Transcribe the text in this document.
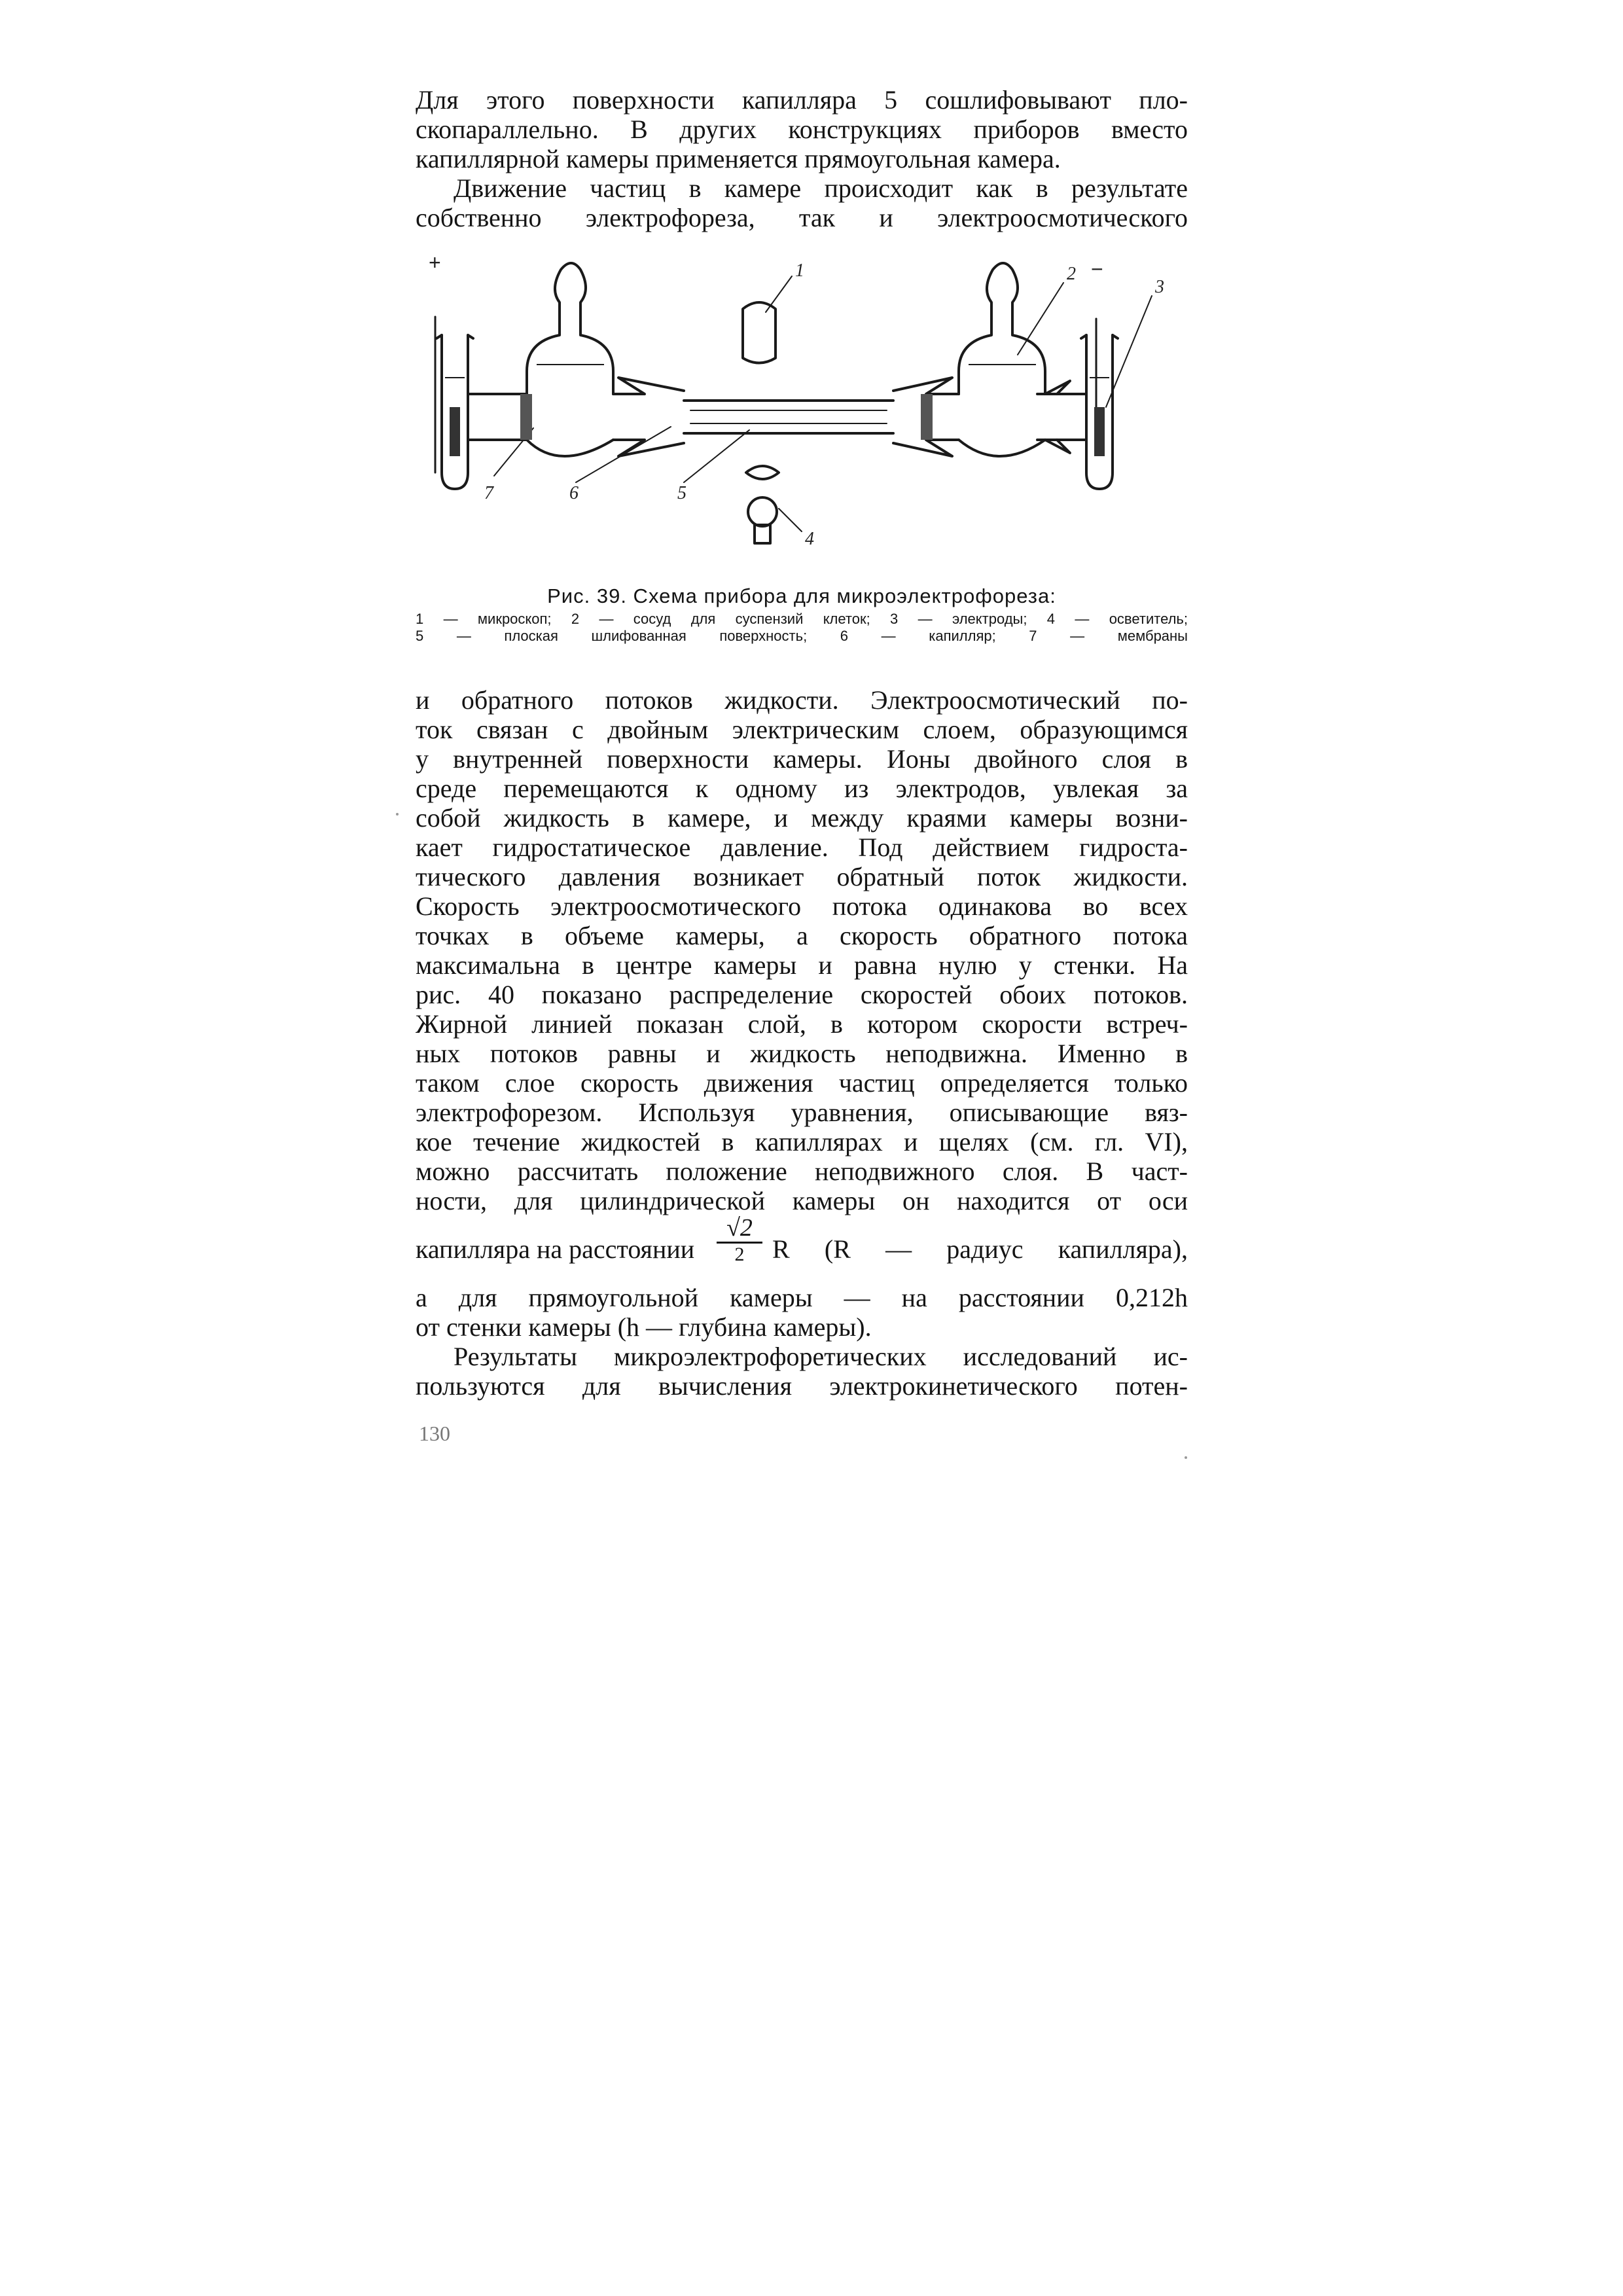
Для этого поверхности капилляра 5 сошлифовывают пло-

скопараллельно. В других конструкциях приборов вместо

капиллярной камеры применяется прямоугольная камера.

Движение частиц в камере происходит как в результате

собственно электрофореза, так и электроосмотического

1	2
3
4
5
6
7
+	−

Рис. 39. Схема прибора для микроэлектрофореза:

1 — микроскоп; 2 — сосуд для суспензий клеток; 3 — электроды; 4 — осветитель;

5 — плоская шлифованная поверхность; 6 — капилляр; 7 — мембраны

и обратного потоков жидкости. Электроосмотический по-

ток связан с двойным электрическим слоем, образующимся

у внутренней поверхности камеры. Ионы двойного слоя в

среде перемещаются к одному из электродов, увлекая за

собой жидкость в камере, и между краями камеры возни-

кает гидростатическое давление. Под действием гидроста-

тического давления возникает обратный поток жидкости.

Скорость электроосмотического потока одинакова во всех

точках в объеме камеры, а скорость обратного потока

максимальна в центре камеры и равна нулю у стенки. На

рис. 40 показано распределение скоростей обоих потоков.

Жирной линией показан слой, в котором скорости встреч-

ных потоков равны и жидкость неподвижна. Именно в

таком слое скорость движения частиц определяется только

электрофорезом. Используя уравнения, описывающие вяз-

кое течение жидкостей в капиллярах и щелях (см. гл. VI),

можно рассчитать положение неподвижного слоя. В част-

ности, для цилиндрической камеры он находится от оси

капилляра на расстоянии
√2
2	R (R — радиус капилляра),

а для прямоугольной камеры — на расстоянии 0,212h

от стенки камеры (h — глубина камеры).

Результаты микроэлектрофоретических исследований ис-

пользуются для вычисления электрокинетического потен-

130
